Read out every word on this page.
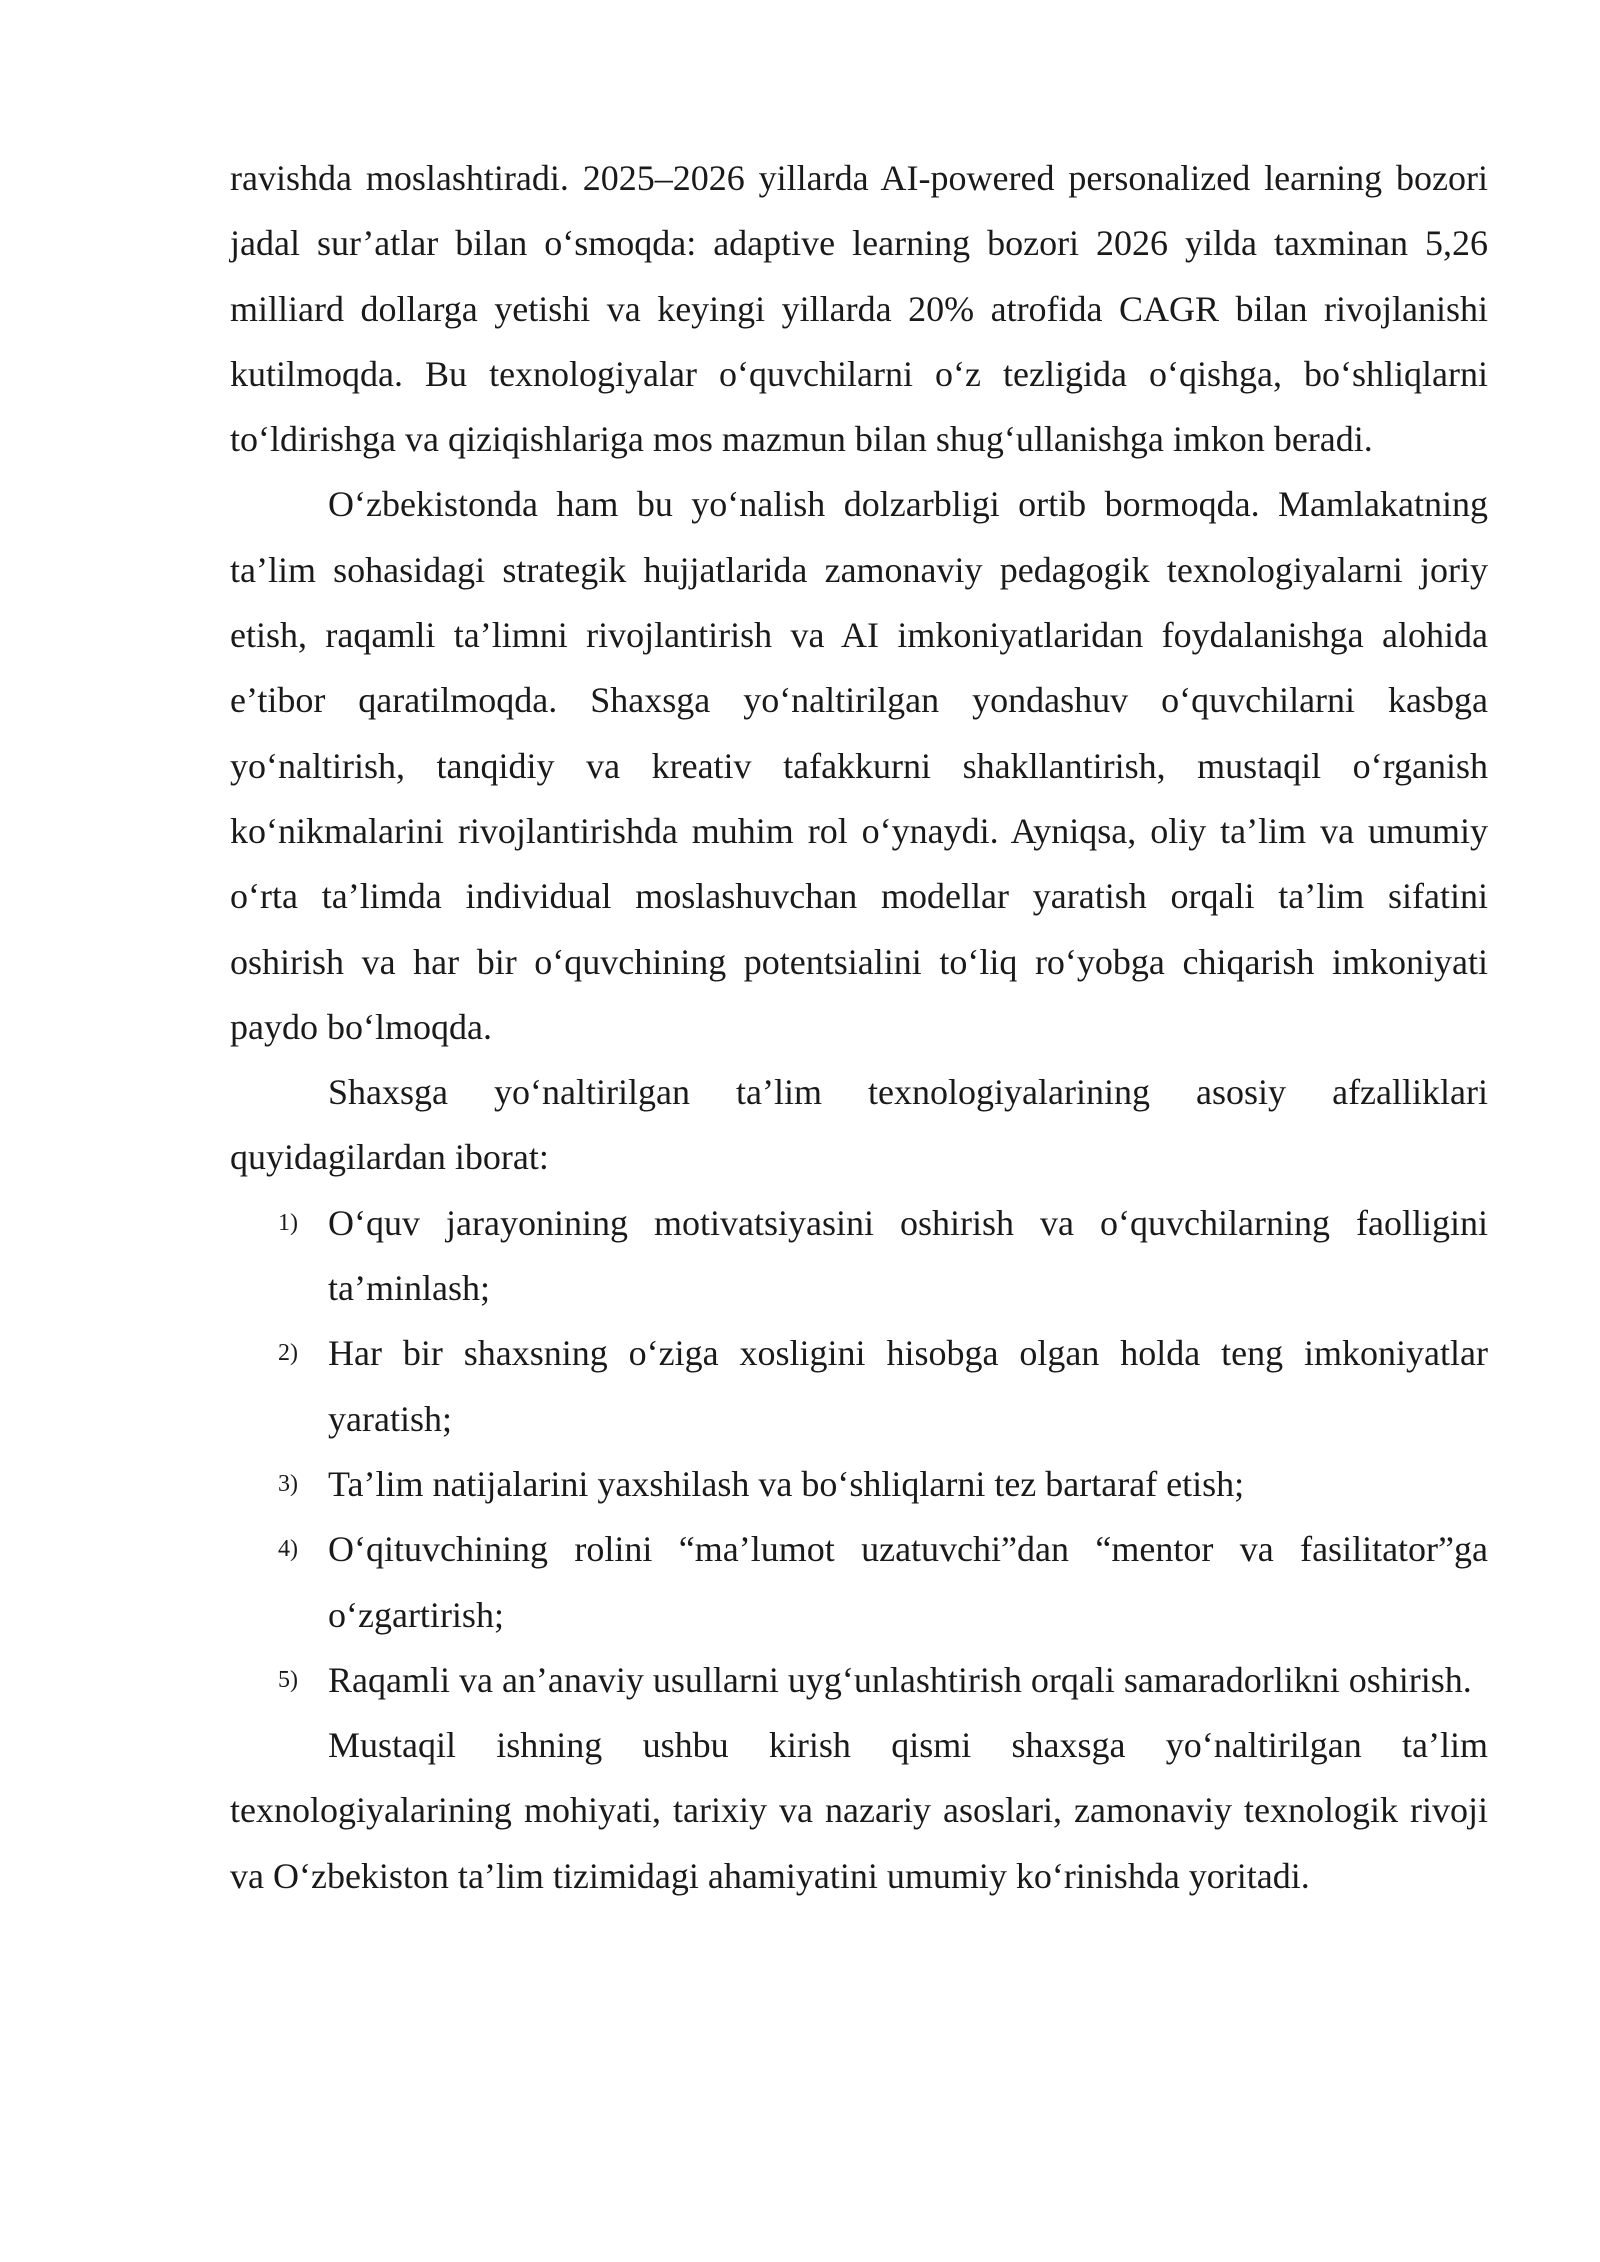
ravishda moslashtiradi. 2025–2026 yillarda AI-powered personalized learning bozori jadal sur’atlar bilan o‘smoqda: adaptive learning bozori 2026 yilda taxminan 5,26 milliard dollarga yetishi va keyingi yillarda 20% atrofida CAGR bilan rivojlanishi kutilmoqda. Bu texnologiyalar o‘quvchilarni o‘z tezligida o‘qishga, bo‘shliqlarni to‘ldirishga va qiziqishlariga mos mazmun bilan shug‘ullanishga imkon beradi.

O‘zbekistonda ham bu yo‘nalish dolzarbligi ortib bormoqda. Mamlakatning ta’lim sohasidagi strategik hujjatlarida zamonaviy pedagogik texnologiyalarni joriy etish, raqamli ta’limni rivojlantirish va AI imkoniyatlaridan foydalanishga alohida e’tibor qaratilmoqda. Shaxsga yo‘naltirilgan yondashuv o‘quvchilarni kasbga yo‘naltirish, tanqidiy va kreativ tafakkurni shakllantirish, mustaqil o‘rganish ko‘nikmalarini rivojlantirishda muhim rol o‘ynaydi. Ayniqsa, oliy ta’lim va umumiy o‘rta ta’limda individual moslashuvchan modellar yaratish orqali ta’lim sifatini oshirish va har bir o‘quvchining potentsialini to‘liq ro‘yobga chiqarish imkoniyati paydo bo‘lmoqda.

Shaxsga yo‘naltirilgan ta’lim texnologiyalarining asosiy afzalliklari quyidagilardan iborat:

1) O‘quv jarayonining motivatsiyasini oshirish va o‘quvchilarning faolligini ta’minlash;
2) Har bir shaxsning o‘ziga xosligini hisobga olgan holda teng imkoniyatlar yaratish;
3) Ta’lim natijalarini yaxshilash va bo‘shliqlarni tez bartaraf etish;
4) O‘qituvchining rolini “ma’lumot uzatuvchi”dan “mentor va fasilitator”ga o‘zgartirish;
5) Raqamli va an’anaviy usullarni uyg‘unlashtirish orqali samaradorlikni oshirish.

Mustaqil ishning ushbu kirish qismi shaxsga yo‘naltirilgan ta’lim texnologiyalarining mohiyati, tarixiy va nazariy asoslari, zamonaviy texnologik rivoji va O‘zbekiston ta’lim tizimidagi ahamiyatini umumiy ko‘rinishda yoritadi.
